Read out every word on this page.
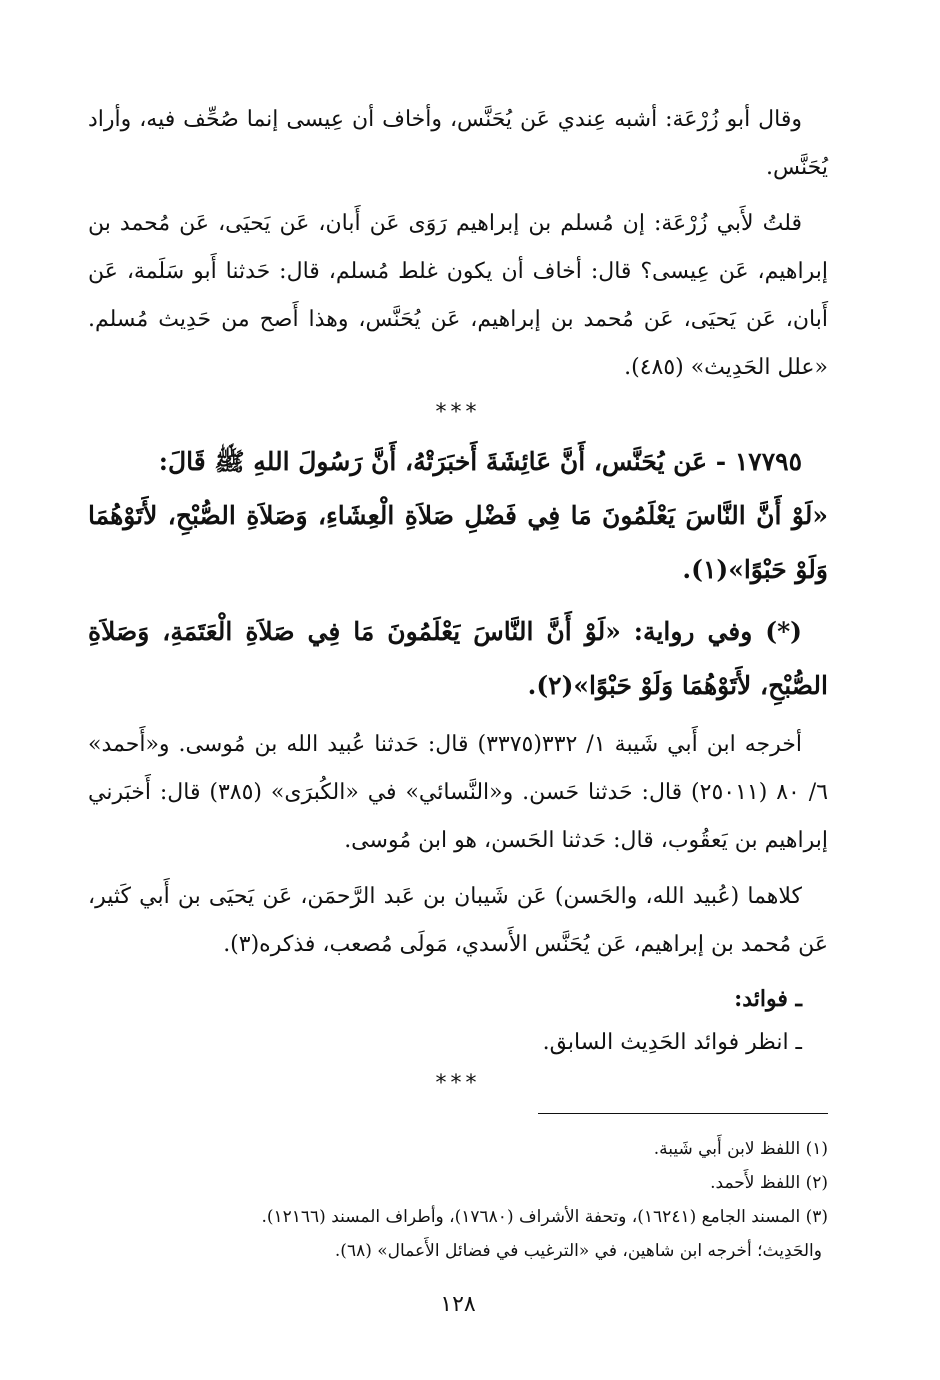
وقال أبو زُرْعَة: أشبه عِندي عَن يُحَنَّس، وأخاف أن عِيسى إنما صُحِّف فيه، وأراد يُحَنَّس.

قلتُ لأَبي زُرْعَة: إن مُسلم بن إبراهيم رَوَى عَن أَبان، عَن يَحيَى، عَن مُحمد بن إبراهيم، عَن عِيسى؟ قال: أخاف أن يكون غلط مُسلم، قال: حَدثنا أَبو سَلَمة، عَن أَبان، عَن يَحيَى، عَن مُحمد بن إبراهيم، عَن يُحَنَّس، وهذا أَصح من حَدِيث مُسلم. «علل الحَدِيث» (٤٨٥).

***

١٧٧٩٥ - عَن يُحَنَّس، أَنَّ عَائِشَةَ أَخبَرَتْهُ، أَنَّ رَسُولَ اللهِ ﷺ قَالَ:

«لَوْ أَنَّ النَّاسَ يَعْلَمُونَ مَا فِي فَضْلِ صَلاَةِ الْعِشَاءِ، وَصَلاَةِ الصُّبْحِ، لأَتَوْهُمَا وَلَوْ حَبْوًا»(١).

(*) وفي رواية: «لَوْ أَنَّ النَّاسَ يَعْلَمُونَ مَا فِي صَلاَةِ الْعَتَمَةِ، وَصَلاَةِ الصُّبْحِ، لأَتَوْهُمَا وَلَوْ حَبْوًا»(٢).

أخرجه ابن أَبي شَيبة ١/ ٣٣٢(٣٣٧٥) قال: حَدثنا عُبيد الله بن مُوسى. و«أَحمد» ٦/ ٨٠ (٢٥٠١١) قال: حَدثنا حَسن. و«النَّسائي» في «الكُبرَى» (٣٨٥) قال: أَخبَرني إبراهيم بن يَعقُوب، قال: حَدثنا الحَسن، هو ابن مُوسى.

كلاهما (عُبيد الله، والحَسن) عَن شَيبان بن عَبد الرَّحمَن، عَن يَحيَى بن أَبي كَثير، عَن مُحمد بن إبراهيم، عَن يُحَنَّس الأَسدي، مَولَى مُصعب، فذكره(٣).

ـ فوائد:

ـ انظر فوائد الحَدِيث السابق.

***

(١) اللفظ لابن أَبي شَيبة.

(٢) اللفظ لأَحمد.

(٣) المسند الجامع (١٦٢٤١)، وتحفة الأشراف (١٧٦٨٠)، وأطراف المسند (١٢١٦٦).

والحَدِيث؛ أخرجه ابن شاهين، في «الترغيب في فضائل الأَعمال» (٦٨).

١٢٨
